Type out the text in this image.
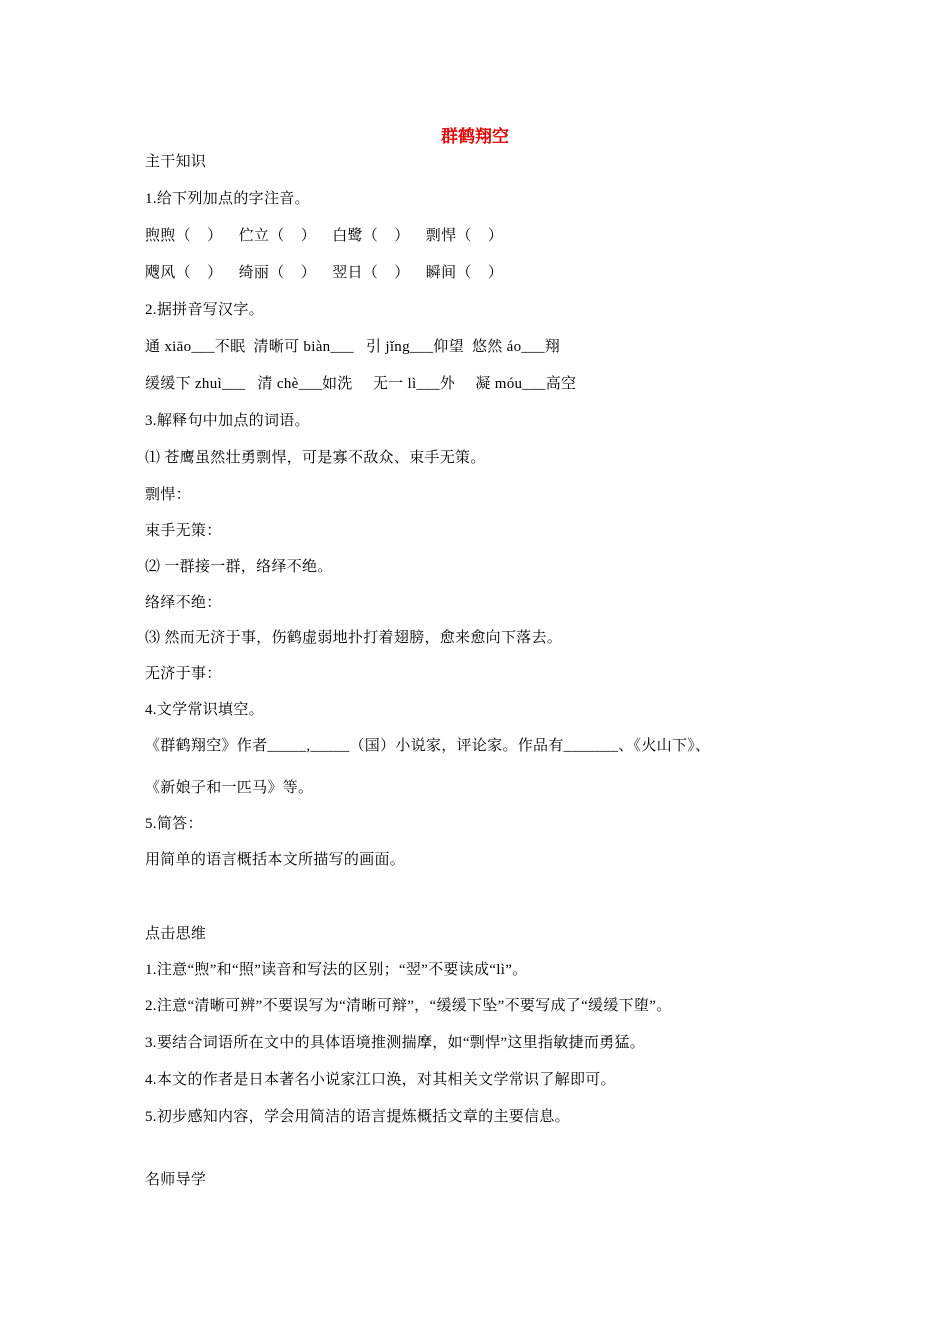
群鹤翔空
主干知识
1.给下列加点的字注音。
煦煦（    ）    伫立（    ）    白鹭（    ）    剽悍（    ）
飕风（    ）    绮丽（    ）    翌日（    ）    瞬间（    ）
2.据拼音写汉字。
通 xiāo___不眠  清晰可 biàn___   引 jǐng___仰望  悠然 áo___翔
缓缓下 zhuì___   清 chè___如洗     无一 lì___外     凝 móu___高空
3.解释句中加点的词语。
⑴ 苍鹰虽然壮勇剽悍，可是寡不敌众、束手无策。
剽悍：
束手无策：
⑵ 一群接一群，络绎不绝。
络绎不绝：
⑶ 然而无济于事，伤鹤虚弱地扑打着翅膀，愈来愈向下落去。
无济于事：
4.文学常识填空。
《群鹤翔空》作者_____,_____（国）小说家，评论家。作品有_______、《火山下》、
《新娘子和一匹马》等。
5.简答：
用简单的语言概括本文所描写的画面。
点击思维
1.注意“煦”和“照”读音和写法的区别；“翌”不要读成“lì”。
2.注意“清晰可辨”不要误写为“清晰可辩”，“缓缓下坠”不要写成了“缓缓下堕”。
3.要结合词语所在文中的具体语境推测揣摩，如“剽悍”这里指敏捷而勇猛。
4.本文的作者是日本著名小说家江口涣，对其相关文学常识了解即可。
5.初步感知内容，学会用简洁的语言提炼概括文章的主要信息。
名师导学
